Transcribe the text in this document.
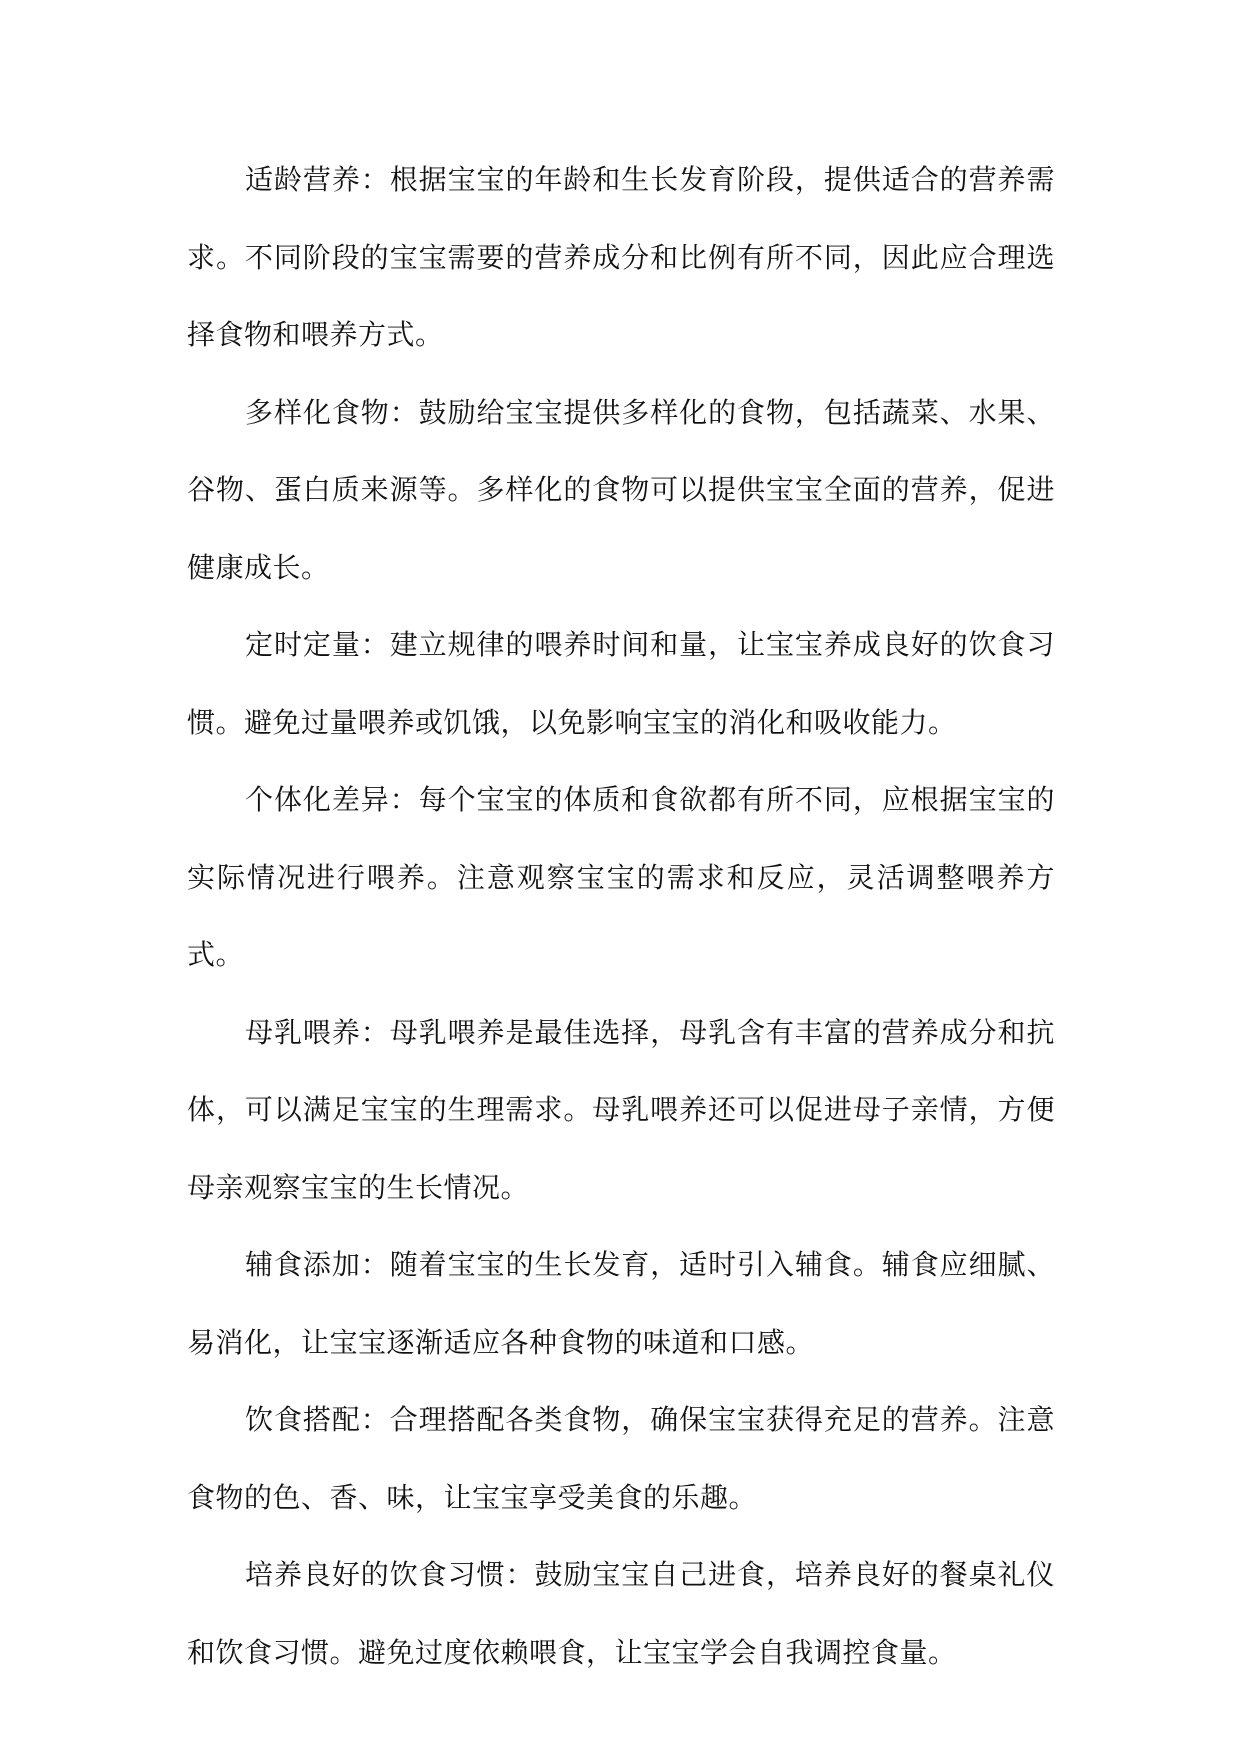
适龄营养：根据宝宝的年龄和生长发育阶段，提供适合的营养需求。不同阶段的宝宝需要的营养成分和比例有所不同，因此应合理选择食物和喂养方式。

多样化食物：鼓励给宝宝提供多样化的食物，包括蔬菜、水果、谷物、蛋白质来源等。多样化的食物可以提供宝宝全面的营养，促进健康成长。

定时定量：建立规律的喂养时间和量，让宝宝养成良好的饮食习惯。避免过量喂养或饥饿，以免影响宝宝的消化和吸收能力。

个体化差异：每个宝宝的体质和食欲都有所不同，应根据宝宝的实际情况进行喂养。注意观察宝宝的需求和反应，灵活调整喂养方式。

母乳喂养：母乳喂养是最佳选择，母乳含有丰富的营养成分和抗体，可以满足宝宝的生理需求。母乳喂养还可以促进母子亲情，方便母亲观察宝宝的生长情况。

辅食添加：随着宝宝的生长发育，适时引入辅食。辅食应细腻、易消化，让宝宝逐渐适应各种食物的味道和口感。

饮食搭配：合理搭配各类食物，确保宝宝获得充足的营养。注意食物的色、香、味，让宝宝享受美食的乐趣。

培养良好的饮食习惯：鼓励宝宝自己进食，培养良好的餐桌礼仪和饮食习惯。避免过度依赖喂食，让宝宝学会自我调控食量。
